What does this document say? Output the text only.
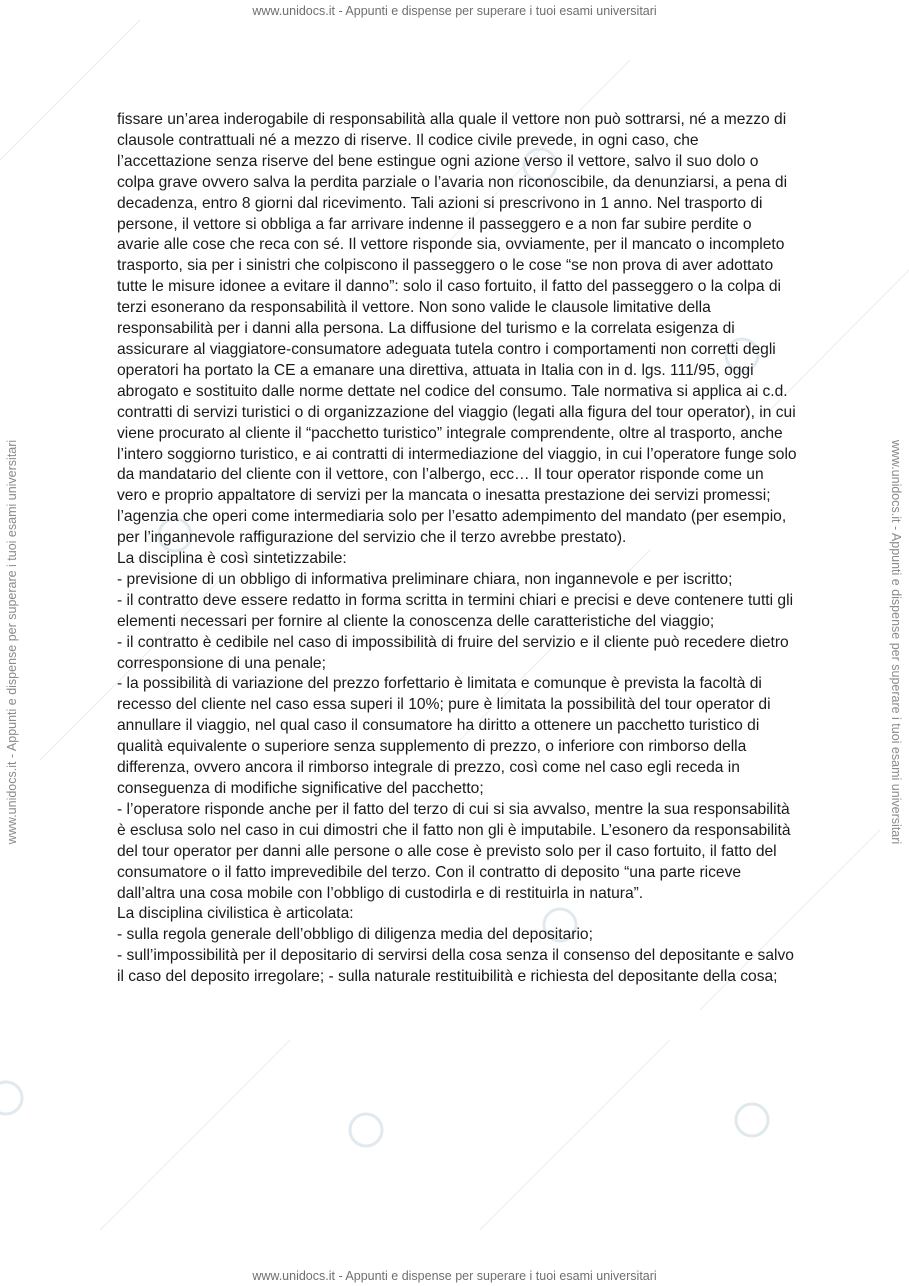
www.unidocs.it - Appunti e dispense per superare i tuoi esami universitari
www.unidocs.it - Appunti e dispense per superare i tuoi esami universitari	www.unidocs.it - Appunti e dispense per superare i tuoi esami universitari

fissare un’area inderogabile di responsabilità alla quale il vettore non può sottrarsi, né a mezzo di clausole contrattuali né a mezzo di riserve. Il codice civile prevede, in ogni caso, che l’accettazione senza riserve del bene estingue ogni azione verso il vettore, salvo il suo dolo o colpa grave ovvero salva la perdita parziale o l’avaria non riconoscibile, da denunziarsi, a pena di decadenza, entro 8 giorni dal ricevimento. Tali azioni si prescrivono in 1 anno. Nel trasporto di persone, il vettore si obbliga a far arrivare indenne il passeggero e a non far subire perdite o avarie alle cose che reca con sé. Il vettore risponde sia, ovviamente, per il mancato o incompleto trasporto, sia per i sinistri che colpiscono il passeggero o le cose “se non prova di aver adottato tutte le misure idonee a evitare il danno”: solo il caso fortuito, il fatto del passeggero o la colpa di terzi esonerano da responsabilità il vettore. Non sono valide le clausole limitative della responsabilità per i danni alla persona. La diffusione del turismo e la correlata esigenza di assicurare al viaggiatore-consumatore adeguata tutela contro i comportamenti non corretti degli operatori ha portato la CE a emanare una direttiva, attuata in Italia con in d. lgs. 111/95, oggi abrogato e sostituito dalle norme dettate nel codice del consumo. Tale normativa si applica ai c.d. contratti di servizi turistici o di organizzazione del viaggio (legati alla figura del tour operator), in cui viene procurato al cliente il “pacchetto turistico” integrale comprendente, oltre al trasporto, anche l’intero soggiorno turistico, e ai contratti di intermediazione del viaggio, in cui l’operatore funge solo da mandatario del cliente con il vettore, con l’albergo, ecc… Il tour operator risponde come un vero e proprio appaltatore di servizi per la mancata o inesatta prestazione dei servizi promessi; l’agenzia che operi come intermediaria solo per l’esatto adempimento del mandato (per esempio, per l’ingannevole raffigurazione del servizio che il terzo avrebbe prestato).

La disciplina è così sintetizzabile:

- previsione di un obbligo di informativa preliminare chiara, non ingannevole e per iscritto;
- il contratto deve essere redatto in forma scritta in termini chiari e precisi e deve contenere tutti gli elementi necessari per fornire al cliente la conoscenza delle caratteristiche del viaggio;
- il contratto è cedibile nel caso di impossibilità di fruire del servizio e il cliente può recedere dietro corresponsione di una penale;
- la possibilità di variazione del prezzo forfettario è limitata e comunque è prevista la facoltà di recesso del cliente nel caso essa superi il 10%; pure è limitata la possibilità del tour operator di annullare il viaggio, nel qual caso il consumatore ha diritto a ottenere un pacchetto turistico di qualità equivalente o superiore senza supplemento di prezzo, o inferiore con rimborso della differenza, ovvero ancora il rimborso integrale di prezzo, così come nel caso egli receda in conseguenza di modifiche significative del pacchetto;
- l’operatore risponde anche per il fatto del terzo di cui si sia avvalso, mentre la sua responsabilità è esclusa solo nel caso in cui dimostri che il fatto non gli è imputabile. L’esonero da responsabilità del tour operator per danni alle persone o alle cose è previsto solo per il caso fortuito, il fatto del consumatore o il fatto imprevedibile del terzo. Con il contratto di deposito “una parte riceve dall’altra una cosa mobile con l’obbligo di custodirla e di restituirla in natura”.

La disciplina civilistica è articolata:

- sulla regola generale dell’obbligo di diligenza media del depositario;
- sull’impossibilità per il depositario di servirsi della cosa senza il consenso del depositante e salvo il caso del deposito irregolare; - sulla naturale restituibilità e richiesta del depositante della cosa;
www.unidocs.it - Appunti e dispense per superare i tuoi esami universitari
